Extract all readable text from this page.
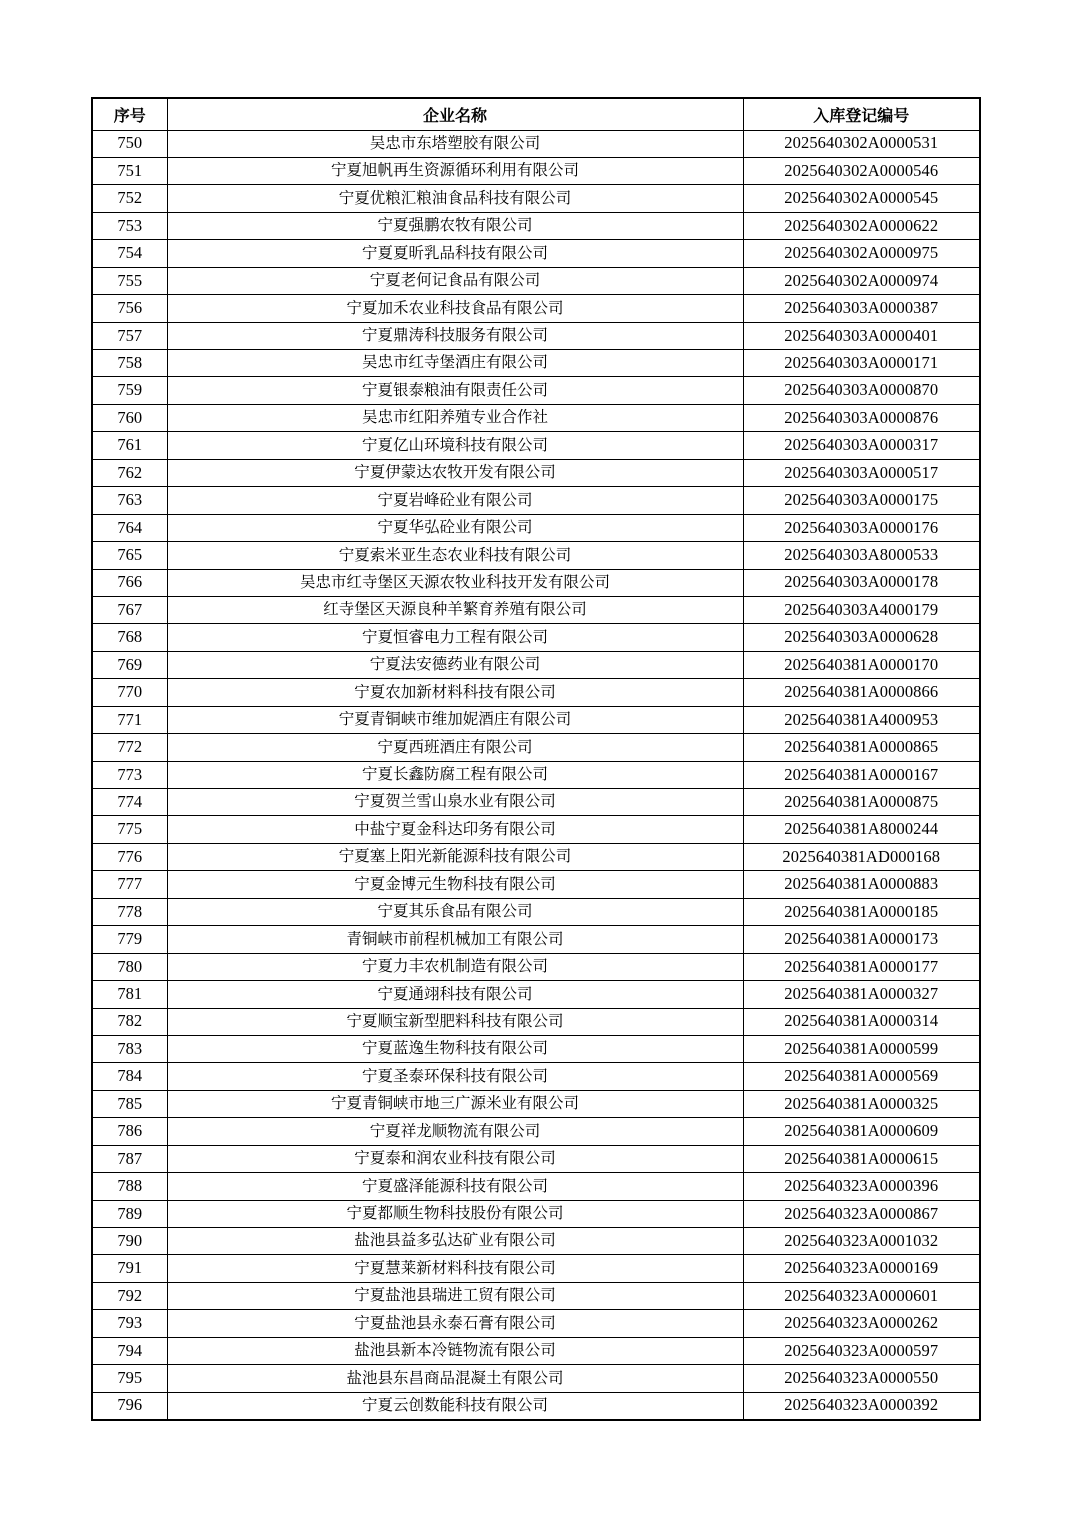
序号	企业名称	入库登记编号
750	吴忠市东塔塑胶有限公司	2025640302A0000531
751	宁夏旭帆再生资源循环利用有限公司	2025640302A0000546
752	宁夏优粮汇粮油食品科技有限公司	2025640302A0000545
753	宁夏强鹏农牧有限公司	2025640302A0000622
754	宁夏夏昕乳品科技有限公司	2025640302A0000975
755	宁夏老何记食品有限公司	2025640302A0000974
756	宁夏加禾农业科技食品有限公司	2025640303A0000387
757	宁夏鼎涛科技服务有限公司	2025640303A0000401
758	吴忠市红寺堡酒庄有限公司	2025640303A0000171
759	宁夏银泰粮油有限责任公司	2025640303A0000870
760	吴忠市红阳养殖专业合作社	2025640303A0000876
761	宁夏亿山环境科技有限公司	2025640303A0000317
762	宁夏伊蒙达农牧开发有限公司	2025640303A0000517
763	宁夏岩峰砼业有限公司	2025640303A0000175
764	宁夏华弘砼业有限公司	2025640303A0000176
765	宁夏索米亚生态农业科技有限公司	2025640303A8000533
766	吴忠市红寺堡区天源农牧业科技开发有限公司	2025640303A0000178
767	红寺堡区天源良种羊繁育养殖有限公司	2025640303A4000179
768	宁夏恒睿电力工程有限公司	2025640303A0000628
769	宁夏法安德药业有限公司	2025640381A0000170
770	宁夏农加新材料科技有限公司	2025640381A0000866
771	宁夏青铜峡市维加妮酒庄有限公司	2025640381A4000953
772	宁夏西班酒庄有限公司	2025640381A0000865
773	宁夏长鑫防腐工程有限公司	2025640381A0000167
774	宁夏贺兰雪山泉水业有限公司	2025640381A0000875
775	中盐宁夏金科达印务有限公司	2025640381A8000244
776	宁夏塞上阳光新能源科技有限公司	2025640381AD000168
777	宁夏金博元生物科技有限公司	2025640381A0000883
778	宁夏其乐食品有限公司	2025640381A0000185
779	青铜峡市前程机械加工有限公司	2025640381A0000173
780	宁夏力丰农机制造有限公司	2025640381A0000177
781	宁夏通翊科技有限公司	2025640381A0000327
782	宁夏顺宝新型肥料科技有限公司	2025640381A0000314
783	宁夏蓝逸生物科技有限公司	2025640381A0000599
784	宁夏圣泰环保科技有限公司	2025640381A0000569
785	宁夏青铜峡市地三广源米业有限公司	2025640381A0000325
786	宁夏祥龙顺物流有限公司	2025640381A0000609
787	宁夏泰和润农业科技有限公司	2025640381A0000615
788	宁夏盛泽能源科技有限公司	2025640323A0000396
789	宁夏都顺生物科技股份有限公司	2025640323A0000867
790	盐池县益多弘达矿业有限公司	2025640323A0001032
791	宁夏慧莱新材料科技有限公司	2025640323A0000169
792	宁夏盐池县瑞进工贸有限公司	2025640323A0000601
793	宁夏盐池县永泰石膏有限公司	2025640323A0000262
794	盐池县新本冷链物流有限公司	2025640323A0000597
795	盐池县东昌商品混凝土有限公司	2025640323A0000550
796	宁夏云创数能科技有限公司	2025640323A0000392
